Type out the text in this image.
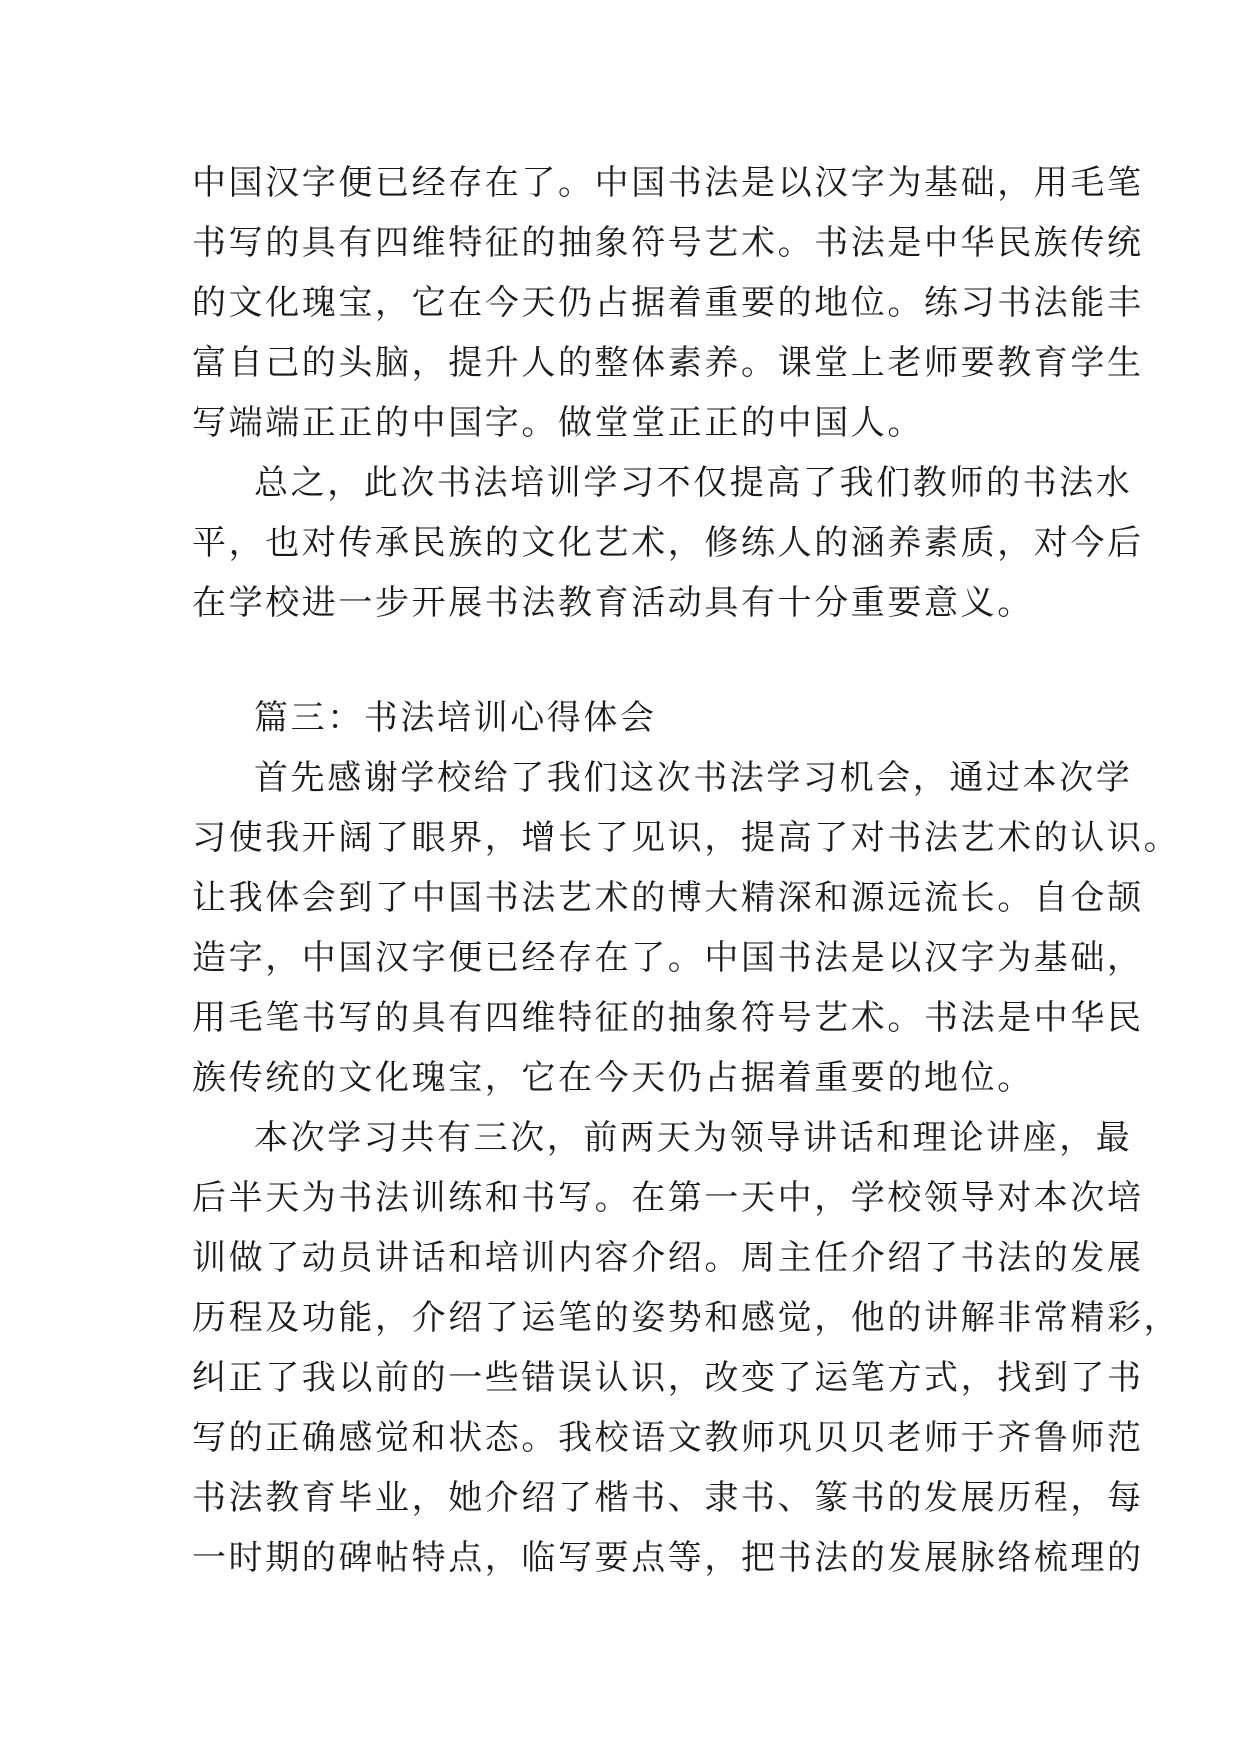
中国汉字便已经存在了。中国书法是以汉字为基础，用毛笔
书写的具有四维特征的抽象符号艺术。书法是中华民族传统
的文化瑰宝，它在今天仍占据着重要的地位。练习书法能丰
富自己的头脑，提升人的整体素养。课堂上老师要教育学生
写端端正正的中国字。做堂堂正正的中国人。
总之，此次书法培训学习不仅提高了我们教师的书法水
平，也对传承民族的文化艺术，修练人的涵养素质，对今后
在学校进一步开展书法教育活动具有十分重要意义。
篇三：书法培训心得体会
首先感谢学校给了我们这次书法学习机会，通过本次学
习使我开阔了眼界，增长了见识，提高了对书法艺术的认识。
让我体会到了中国书法艺术的博大精深和源远流长。自仓颉
造字，中国汉字便已经存在了。中国书法是以汉字为基础，
用毛笔书写的具有四维特征的抽象符号艺术。书法是中华民
族传统的文化瑰宝，它在今天仍占据着重要的地位。
本次学习共有三次，前两天为领导讲话和理论讲座，最
后半天为书法训练和书写。在第一天中，学校领导对本次培
训做了动员讲话和培训内容介绍。周主任介绍了书法的发展
历程及功能，介绍了运笔的姿势和感觉，他的讲解非常精彩，
纠正了我以前的一些错误认识，改变了运笔方式，找到了书
写的正确感觉和状态。我校语文教师巩贝贝老师于齐鲁师范
书法教育毕业，她介绍了楷书、隶书、篆书的发展历程，每
一时期的碑帖特点，临写要点等，把书法的发展脉络梳理的
